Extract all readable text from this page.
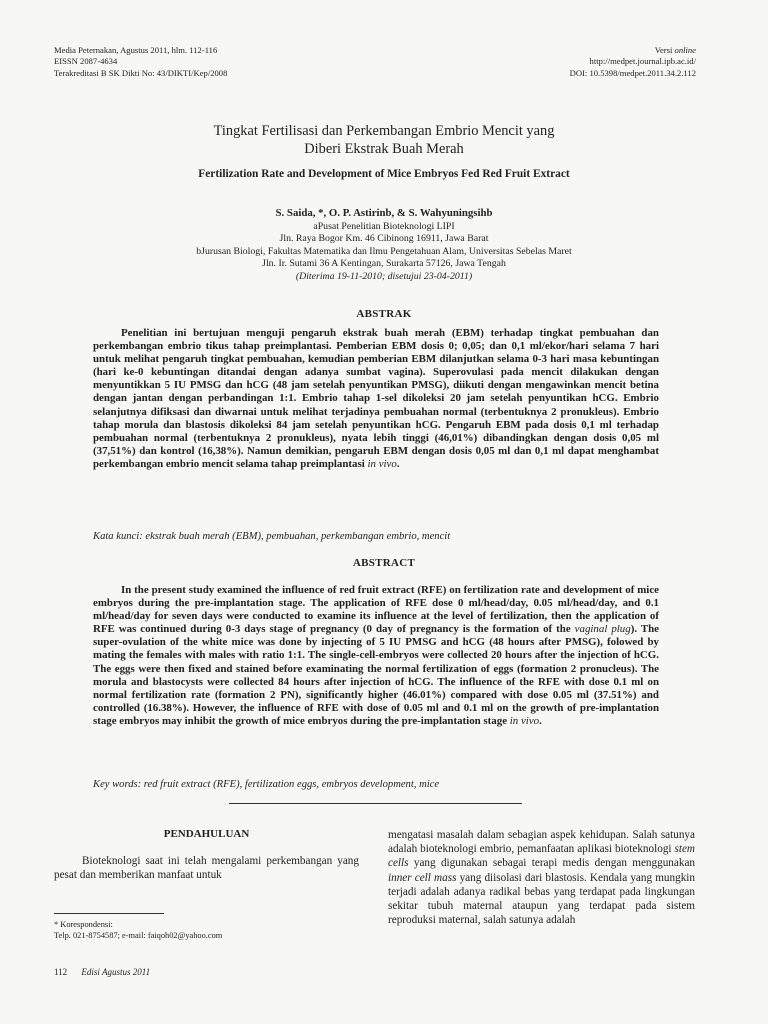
Media Peternakan, Agustus 2011, hlm. 112-116
EISSN 2087-4634
Terakreditasi B SK Dikti No: 43/DIKTI/Kep/2008
Versi online
http://medpet.journal.ipb.ac.id/
DOI: 10.5398/medpet.2011.34.2.112
Tingkat Fertilisasi dan Perkembangan Embrio Mencit yang
Diberi Ekstrak Buah Merah
Fertilization Rate and Development of Mice Embryos Fed Red Fruit Extract
S. Saida, *, O. P. Astirinb, & S. Wahyuningsihb
aPusat Penelitian Bioteknologi LIPI
Jln. Raya Bogor Km. 46 Cibinong 16911, Jawa Barat
bJurusan Biologi, Fakultas Matematika dan Ilmu Pengetahuan Alam, Universitas Sebelas Maret
Jln. Ir. Sutami 36 A Kentingan, Surakarta 57126, Jawa Tengah
(Diterima 19-11-2010; disetujui 23-04-2011)
ABSTRAK

Penelitian ini bertujuan menguji pengaruh ekstrak buah merah (EBM) terhadap tingkat pembuahan dan perkembangan embrio tikus tahap preimplantasi. Pemberian EBM dosis 0; 0,05; dan 0,1 ml/ekor/hari selama 7 hari untuk melihat pengaruh tingkat pembuahan, kemudian pemberian EBM dilanjutkan selama 0-3 hari masa kebuntingan (hari ke-0 kebuntingan ditandai dengan adanya sumbat vagina). Superovulasi pada mencit dilakukan dengan menyuntikkan 5 IU PMSG dan hCG (48 jam setelah penyuntikan PMSG), diikuti dengan mengawinkan mencit betina dengan jantan dengan perbandingan 1:1. Embrio tahap 1-sel dikoleksi 20 jam setelah penyuntikan hCG. Embrio selanjutnya difiksasi dan diwarnai untuk melihat terjadinya pembuahan normal (terbentuknya 2 pronukleus). Embrio tahap morula dan blastosis dikoleksi 84 jam setelah penyuntikan hCG. Pengaruh EBM pada dosis 0,1 ml terhadap pembuahan normal (terbentuknya 2 pronukleus), nyata lebih tinggi (46,01%) dibandingkan dengan dosis 0,05 ml (37,51%) dan kontrol (16,38%). Namun demikian, pengaruh EBM dengan dosis 0,05 ml dan 0,1 ml dapat menghambat perkembangan embrio mencit selama tahap preimplantasi in vivo.

Kata kunci: ekstrak buah merah (EBM), pembuahan, perkembangan embrio, mencit
ABSTRACT

In the present study examined the influence of red fruit extract (RFE) on fertilization rate and development of mice embryos during the pre-implantation stage. The application of RFE dose 0 ml/head/day, 0.05 ml/head/day, and 0.1 ml/head/day for seven days were conducted to examine its influence at the level of fertilization, then the application of RFE was continued during 0-3 days stage of pregnancy (0 day of pregnancy is the formation of the vaginal plug). The super-ovulation of the white mice was done by injecting of 5 IU PMSG and hCG (48 hours after PMSG), folowed by mating the females with males with ratio 1:1. The single-cell-embryos were collected 20 hours after the injection of hCG. The eggs were then fixed and stained before examinating the normal fertilization of eggs (formation 2 pronucleus). The morula and blastocysts were collected 84 hours after injection of hCG. The influence of the RFE with dose 0.1 ml on normal fertilization rate (formation 2 PN), significantly higher (46.01%) compared with dose 0.05 ml (37.51%) and controlled (16.38%). However, the influence of RFE with dose of 0.05 ml and 0.1 ml on the growth of pre-implantation stage embryos may inhibit the growth of mice embryos during the pre-implantation stage in vivo.

Key words: red fruit extract (RFE), fertilization eggs, embryos development, mice
PENDAHULUAN

Bioteknologi saat ini telah mengalami perkembangan yang pesat dan memberikan manfaat untuk

mengatasi masalah dalam sebagian aspek kehidupan. Salah satunya adalah bioteknologi embrio, pemanfaatan aplikasi bioteknologi stem cells yang digunakan sebagai terapi medis dengan menggunakan inner cell mass yang diisolasi dari blastosis. Kendala yang mungkin terjadi adalah adanya radikal bebas yang terdapat pada lingkungan sekitar tubuh maternal ataupun yang terdapat pada sistem reproduksi maternal, salah satunya adalah

* Korespondensi:
Telp. 021-8754587; e-mail: faiqoh02@yahoo.com
112 Edisi Agustus 2011
